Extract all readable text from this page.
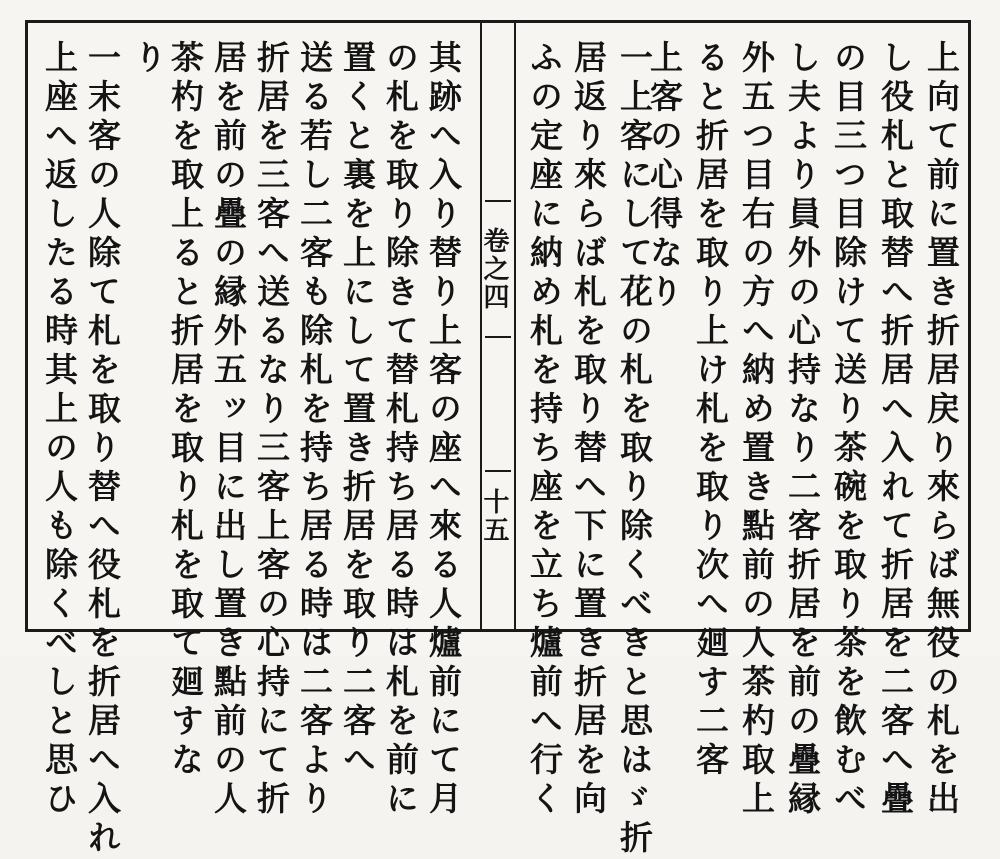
卷之四
十五	上向て前に置き折居戻り來らば無役の札を出
し役札と取替へ折居へ入れて折居を二客へ疊
の目三つ目除けて送り茶碗を取り茶を飲むべ
し夫より員外の心持なり二客折居を前の疊縁
外五つ目右の方へ納め置き點前の人茶杓取上
ると折居を取り上け札を取り次へ廻す二客
上客の心得なり
一上客にして花の札を取り除くべきと思はゞ折
居返り來らば札を取り替へ下に置き折居を向
ふの定座に納め札を持ち座を立ち爐前へ行く
其跡へ入り替り上客の座へ來る人爐前にて月
の札を取り除きて替札持ち居る時は札を前に
置くと裏を上にして置き折居を取り二客へ
送る若し二客も除札を持ち居る時は二客より
折居を三客へ送るなり三客上客の心持にて折
居を前の疊の縁外五ッ目に出し置き點前の人
茶杓を取上ると折居を取り札を取て廻すな
り
一末客の人除て札を取り替へ役札を折居へ入れ
上座へ返したる時其上の人も除くべしと思ひ
